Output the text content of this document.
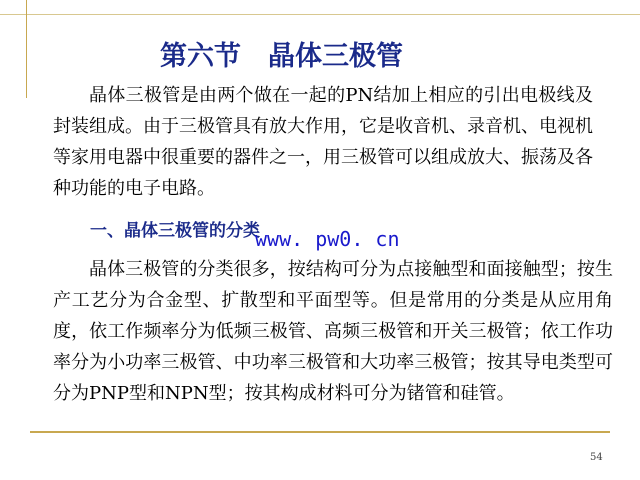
第六节　晶体三极管

晶体三极管是由两个做在一起的PN结加上相应的引出电极线及封装组成。由于三极管具有放大作用，它是收音机、录音机、电视机等家用电器中很重要的器件之一，用三极管可以组成放大、振荡及各种功能的电子电路。

一、晶体三极管的分类
www. pw0. cn

晶体三极管的分类很多，按结构可分为点接触型和面接触型；按生产工艺分为合金型、扩散型和平面型等。但是常用的分类是从应用角度，依工作频率分为低频三极管、高频三极管和开关三极管；依工作功率分为小功率三极管、中功率三极管和大功率三极管；按其导电类型可分为PNP型和NPN型；按其构成材料可分为锗管和硅管。

54
